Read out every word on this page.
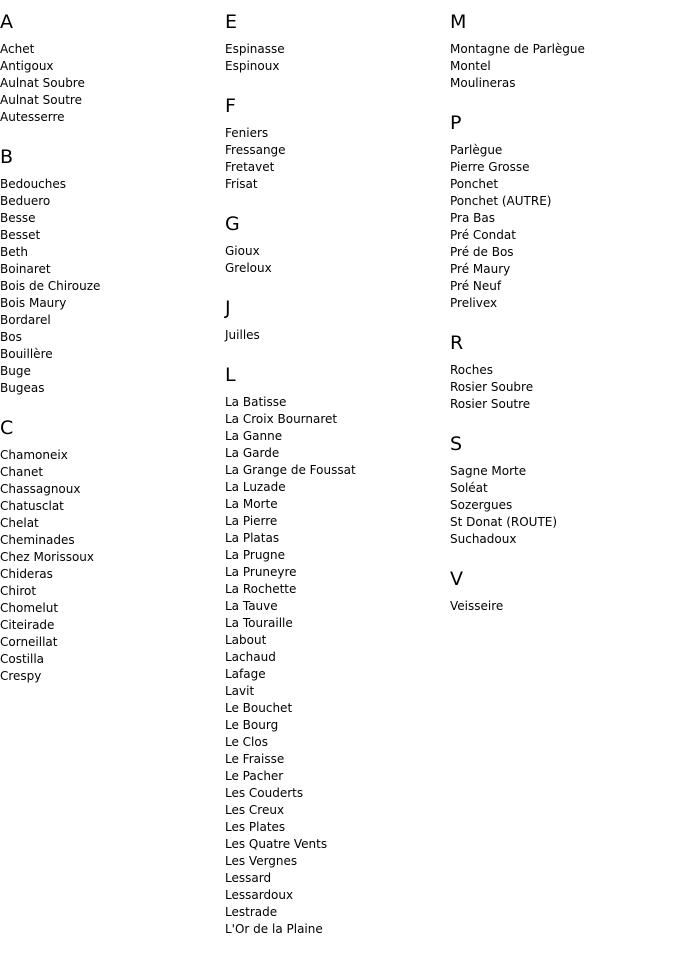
A
Achet
Antigoux
Aulnat Soubre
Aulnat Soutre
Autesserre
B
Bedouches
Beduero
Besse
Besset
Beth
Boinaret
Bois de Chirouze
Bois Maury
Bordarel
Bos
Bouillère
Buge
Bugeas
C
Chamoneix
Chanet
Chassagnoux
Chatusclat
Chelat
Cheminades
Chez Morissoux
Chideras
Chirot
Chomelut
Citeirade
Corneillat
Costilla
Crespy
E
Espinasse
Espinoux
F
Feniers
Fressange
Fretavet
Frisat
G
Gioux
Greloux
J
Juilles
L
La Batisse
La Croix Bournaret
La Ganne
La Garde
La Grange de Foussat
La Luzade
La Morte
La Pierre
La Platas
La Prugne
La Pruneyre
La Rochette
La Tauve
La Touraille
Labout
Lachaud
Lafage
Lavit
Le Bouchet
Le Bourg
Le Clos
Le Fraisse
Le Pacher
Les Couderts
Les Creux
Les Plates
Les Quatre Vents
Les Vergnes
Lessard
Lessardoux
Lestrade
L'Or de la Plaine
M
Montagne de Parlègue
Montel
Moulineras
P
Parlègue
Pierre Grosse
Ponchet
Ponchet (AUTRE)
Pra Bas
Pré Condat
Pré de Bos
Pré Maury
Pré Neuf
Prelivex
R
Roches
Rosier Soubre
Rosier Soutre
S
Sagne Morte
Soléat
Sozergues
St Donat (ROUTE)
Suchadoux
V
Veisseire
